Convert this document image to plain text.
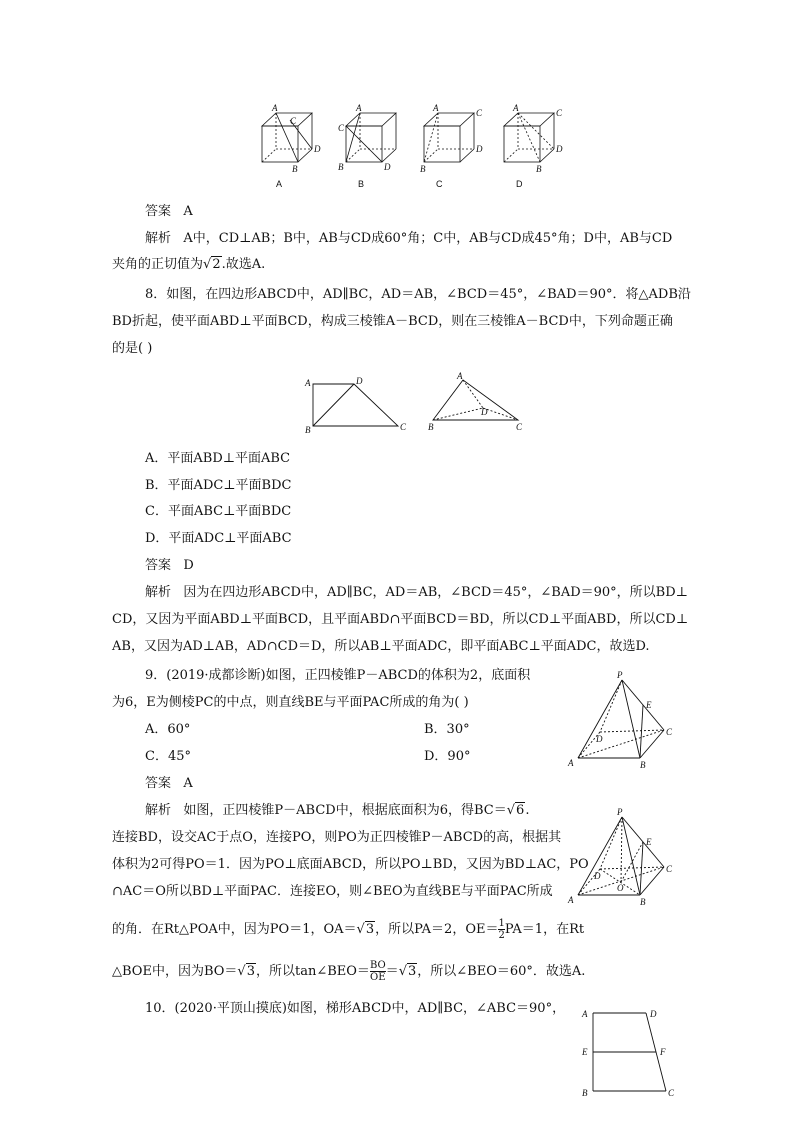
A
C
B
D
A
C
A
B	D
B
A	C
B
D
C
A	C
B
D
D
答案 A
解析 A中，CD⊥AB；B中，AB与CD成60°角；C中，AB与CD成45°角；D中，AB与CD
夹角的正切值为√2.故选A.
8．如图，在四边形ABCD中，AD∥BC，AD＝AB，∠BCD＝45°，∠BAD＝90°．将△ADB沿
BD折起，使平面ABD⊥平面BCD，构成三棱锥A－BCD，则在三棱锥A－BCD中，下列命题正确
的是( )
A	D
B	C
A
D
B	C
A．平面ABD⊥平面ABC
B．平面ADC⊥平面BDC
C．平面ABC⊥平面BDC
D．平面ADC⊥平面ABC
答案 D
解析 因为在四边形ABCD中，AD∥BC，AD＝AB，∠BCD＝45°，∠BAD＝90°，所以BD⊥
CD，又因为平面ABD⊥平面BCD，且平面ABD∩平面BCD＝BD，所以CD⊥平面ABD，所以CD⊥
AB，又因为AD⊥AB，AD∩CD＝D，所以AB⊥平面ADC，即平面ABC⊥平面ADC，故选D.
9．(2019·成都诊断)如图，正四棱锥P－ABCD的体积为2，底面积
为6，E为侧棱PC的中点，则直线BE与平面PAC所成的角为( )
A．60°	B．30°
C．45°	D．90°
P
E
D
C
A	B
答案 A
解析 如图，正四棱锥P－ABCD中，根据底面积为6，得BC＝√6.
连接BD，设交AC于点O，连接PO，则PO为正四棱锥P－ABCD的高，根据其
体积为2可得PO＝1．因为PO⊥底面ABCD，所以PO⊥BD，又因为BD⊥AC，PO
∩AC＝O所以BD⊥平面PAC．连接EO，则∠BEO为直线BE与平面PAC所成
的角．在Rt△POA中，因为PO＝1，OA＝√3，所以PA＝2，$OE= \frac{1}{2} PA=1$，在Rt
△BOE中，因为BO＝√3，所以tan∠BEO＝ $\frac{BO}{OE} =√3$，所以∠BEO＝60°．故选A.
P
E
D
O
C
A	B
10．(2020·平顶山摸底)如图，梯形ABCD中，AD∥BC，∠ABC＝90°， A	D
E	F
B	C
